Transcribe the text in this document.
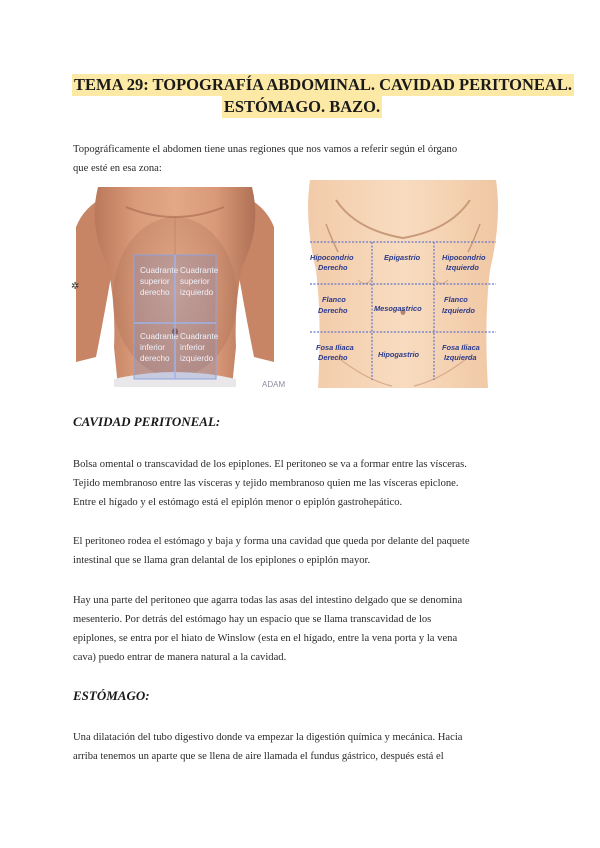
TEMA 29: TOPOGRAFÍA ABDOMINAL. CAVIDAD PERITONEAL.
ESTÓMAGO. BAZO.

Topográficamente el abdomen tiene unas regiones que nos vamos a referir según el órgano
que esté en esa zona:

Cuadrante
superior
derecho
Cuadrante
superior
izquierdo
Cuadrante
inferior
derecho
Cuadrante
inferior
izquierdo
ADAM
✲
Hipocondrio
Derecho
Epigastrio	Hipocondrio
Izquierdo
Flanco
Derecho	Mesogastrico
Flanco
Izquierdo
Fosa Iliaca
Derecho	Hipogastrio
Fosa Iliaca
Izquierda
CAVIDAD PERITONEAL:

Bolsa omental o transcavidad de los epiplones. El peritoneo se va a formar entre las vísceras.
Tejido membranoso entre las vísceras y tejido membranoso quien me las vísceras epiclone.
Entre el hígado y el estómago está el epiplón menor o epiplón gastrohepático.

El peritoneo rodea el estómago y baja y forma una cavidad que queda por delante del paquete
intestinal que se llama gran delantal de los epiplones o epiplón mayor.

Hay una parte del peritoneo que agarra todas las asas del intestino delgado que se denomina
mesenterio. Por detrás del estómago hay un espacio que se llama transcavidad de los
epiplones, se entra por el hiato de Winslow (esta en el hígado, entre la vena porta y la vena
cava) puedo entrar de manera natural a la cavidad.

ESTÓMAGO:

Una dilatación del tubo digestivo donde va empezar la digestión química y mecánica. Hacia
arriba tenemos un aparte que se llena de aire llamada el fundus gástrico, después está el
